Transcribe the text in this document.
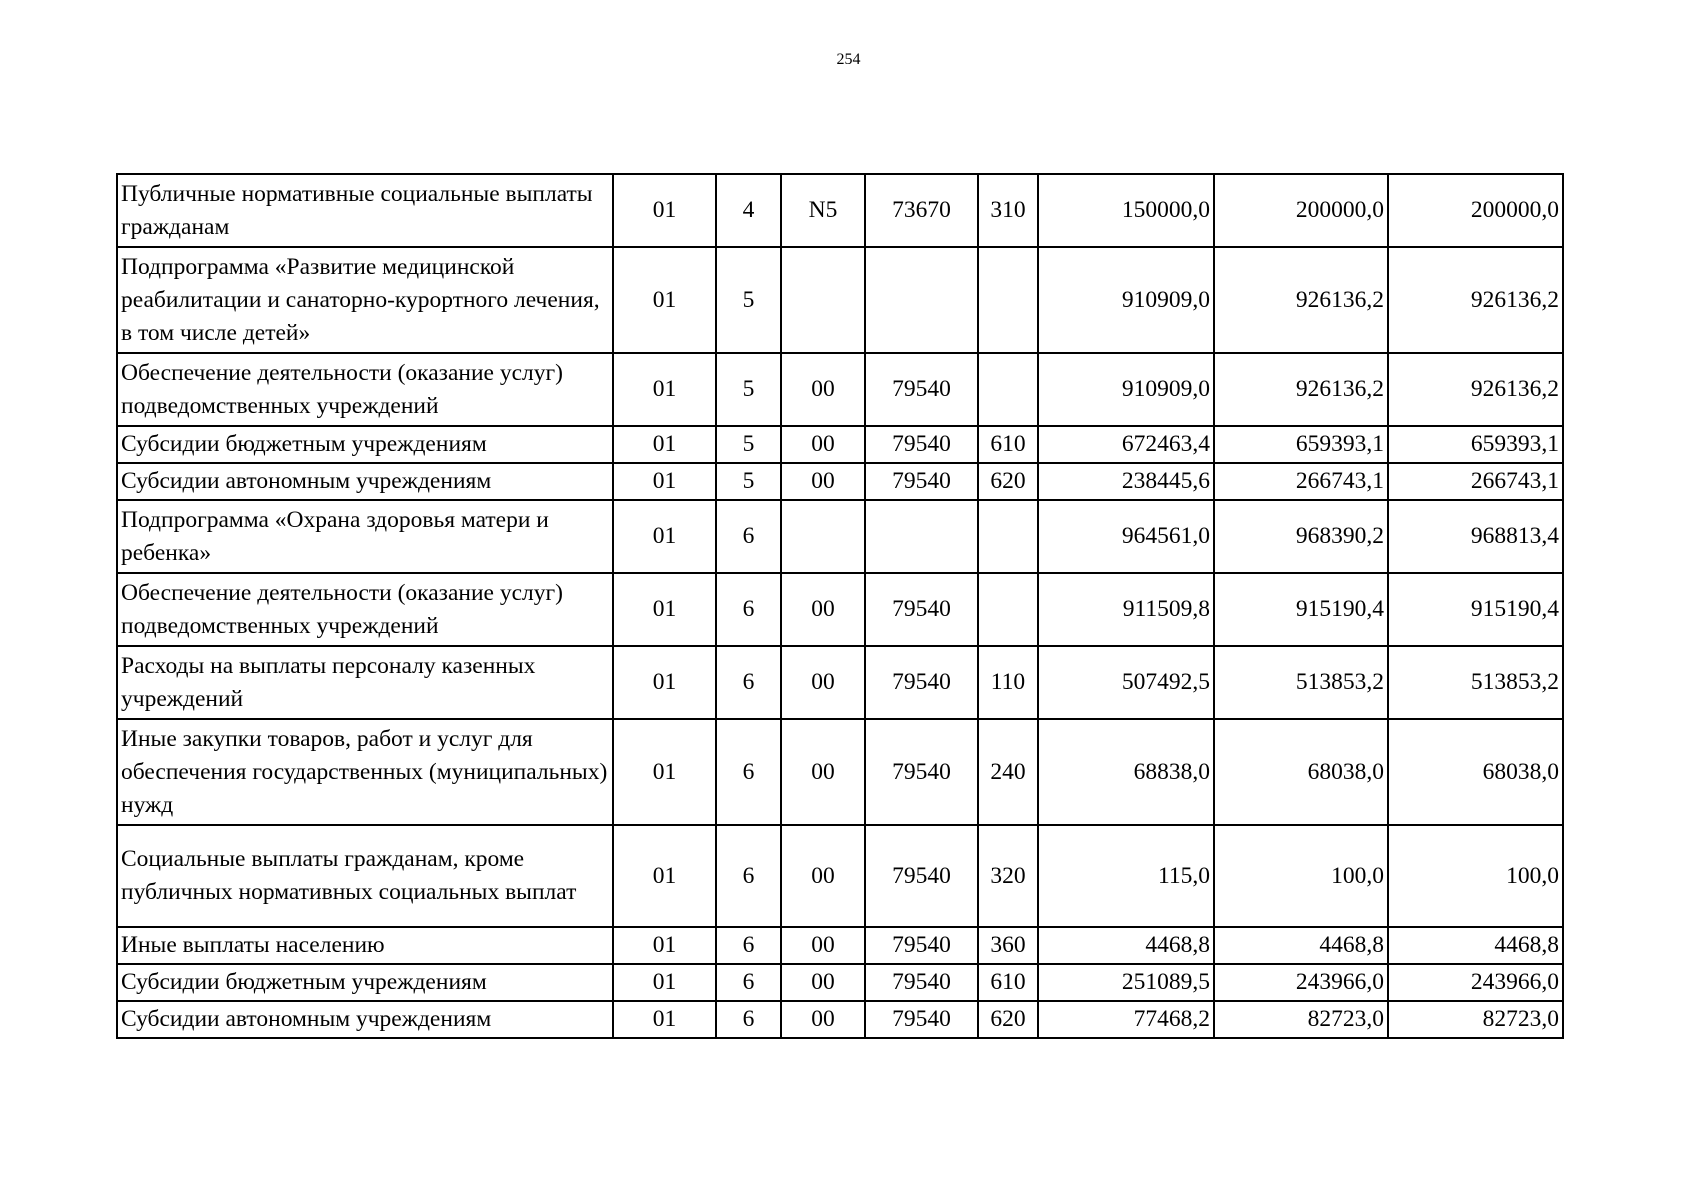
254
Публичные нормативные социальные выплаты гражданам	01	4	N5	73670	310	150000,0	200000,0	200000,0
Подпрограмма «Развитие медицинской реабилитации и санаторно-курортного лечения, в том числе детей»	01	5				910909,0	926136,2	926136,2
Обеспечение деятельности (оказание услуг) подведомственных учреждений	01	5	00	79540		910909,0	926136,2	926136,2
Субсидии бюджетным учреждениям	01	5	00	79540	610	672463,4	659393,1	659393,1
Субсидии автономным учреждениям	01	5	00	79540	620	238445,6	266743,1	266743,1
Подпрограмма «Охрана здоровья матери и ребенка»	01	6				964561,0	968390,2	968813,4
Обеспечение деятельности (оказание услуг) подведомственных учреждений	01	6	00	79540		911509,8	915190,4	915190,4
Расходы на выплаты персоналу казенных учреждений	01	6	00	79540	110	507492,5	513853,2	513853,2
Иные закупки товаров, работ и услуг для обеспечения государственных (муниципальных) нужд	01	6	00	79540	240	68838,0	68038,0	68038,0
Социальные выплаты гражданам, кроме публичных нормативных социальных выплат	01	6	00	79540	320	115,0	100,0	100,0
Иные выплаты населению	01	6	00	79540	360	4468,8	4468,8	4468,8
Субсидии бюджетным учреждениям	01	6	00	79540	610	251089,5	243966,0	243966,0
Субсидии автономным учреждениям	01	6	00	79540	620	77468,2	82723,0	82723,0
